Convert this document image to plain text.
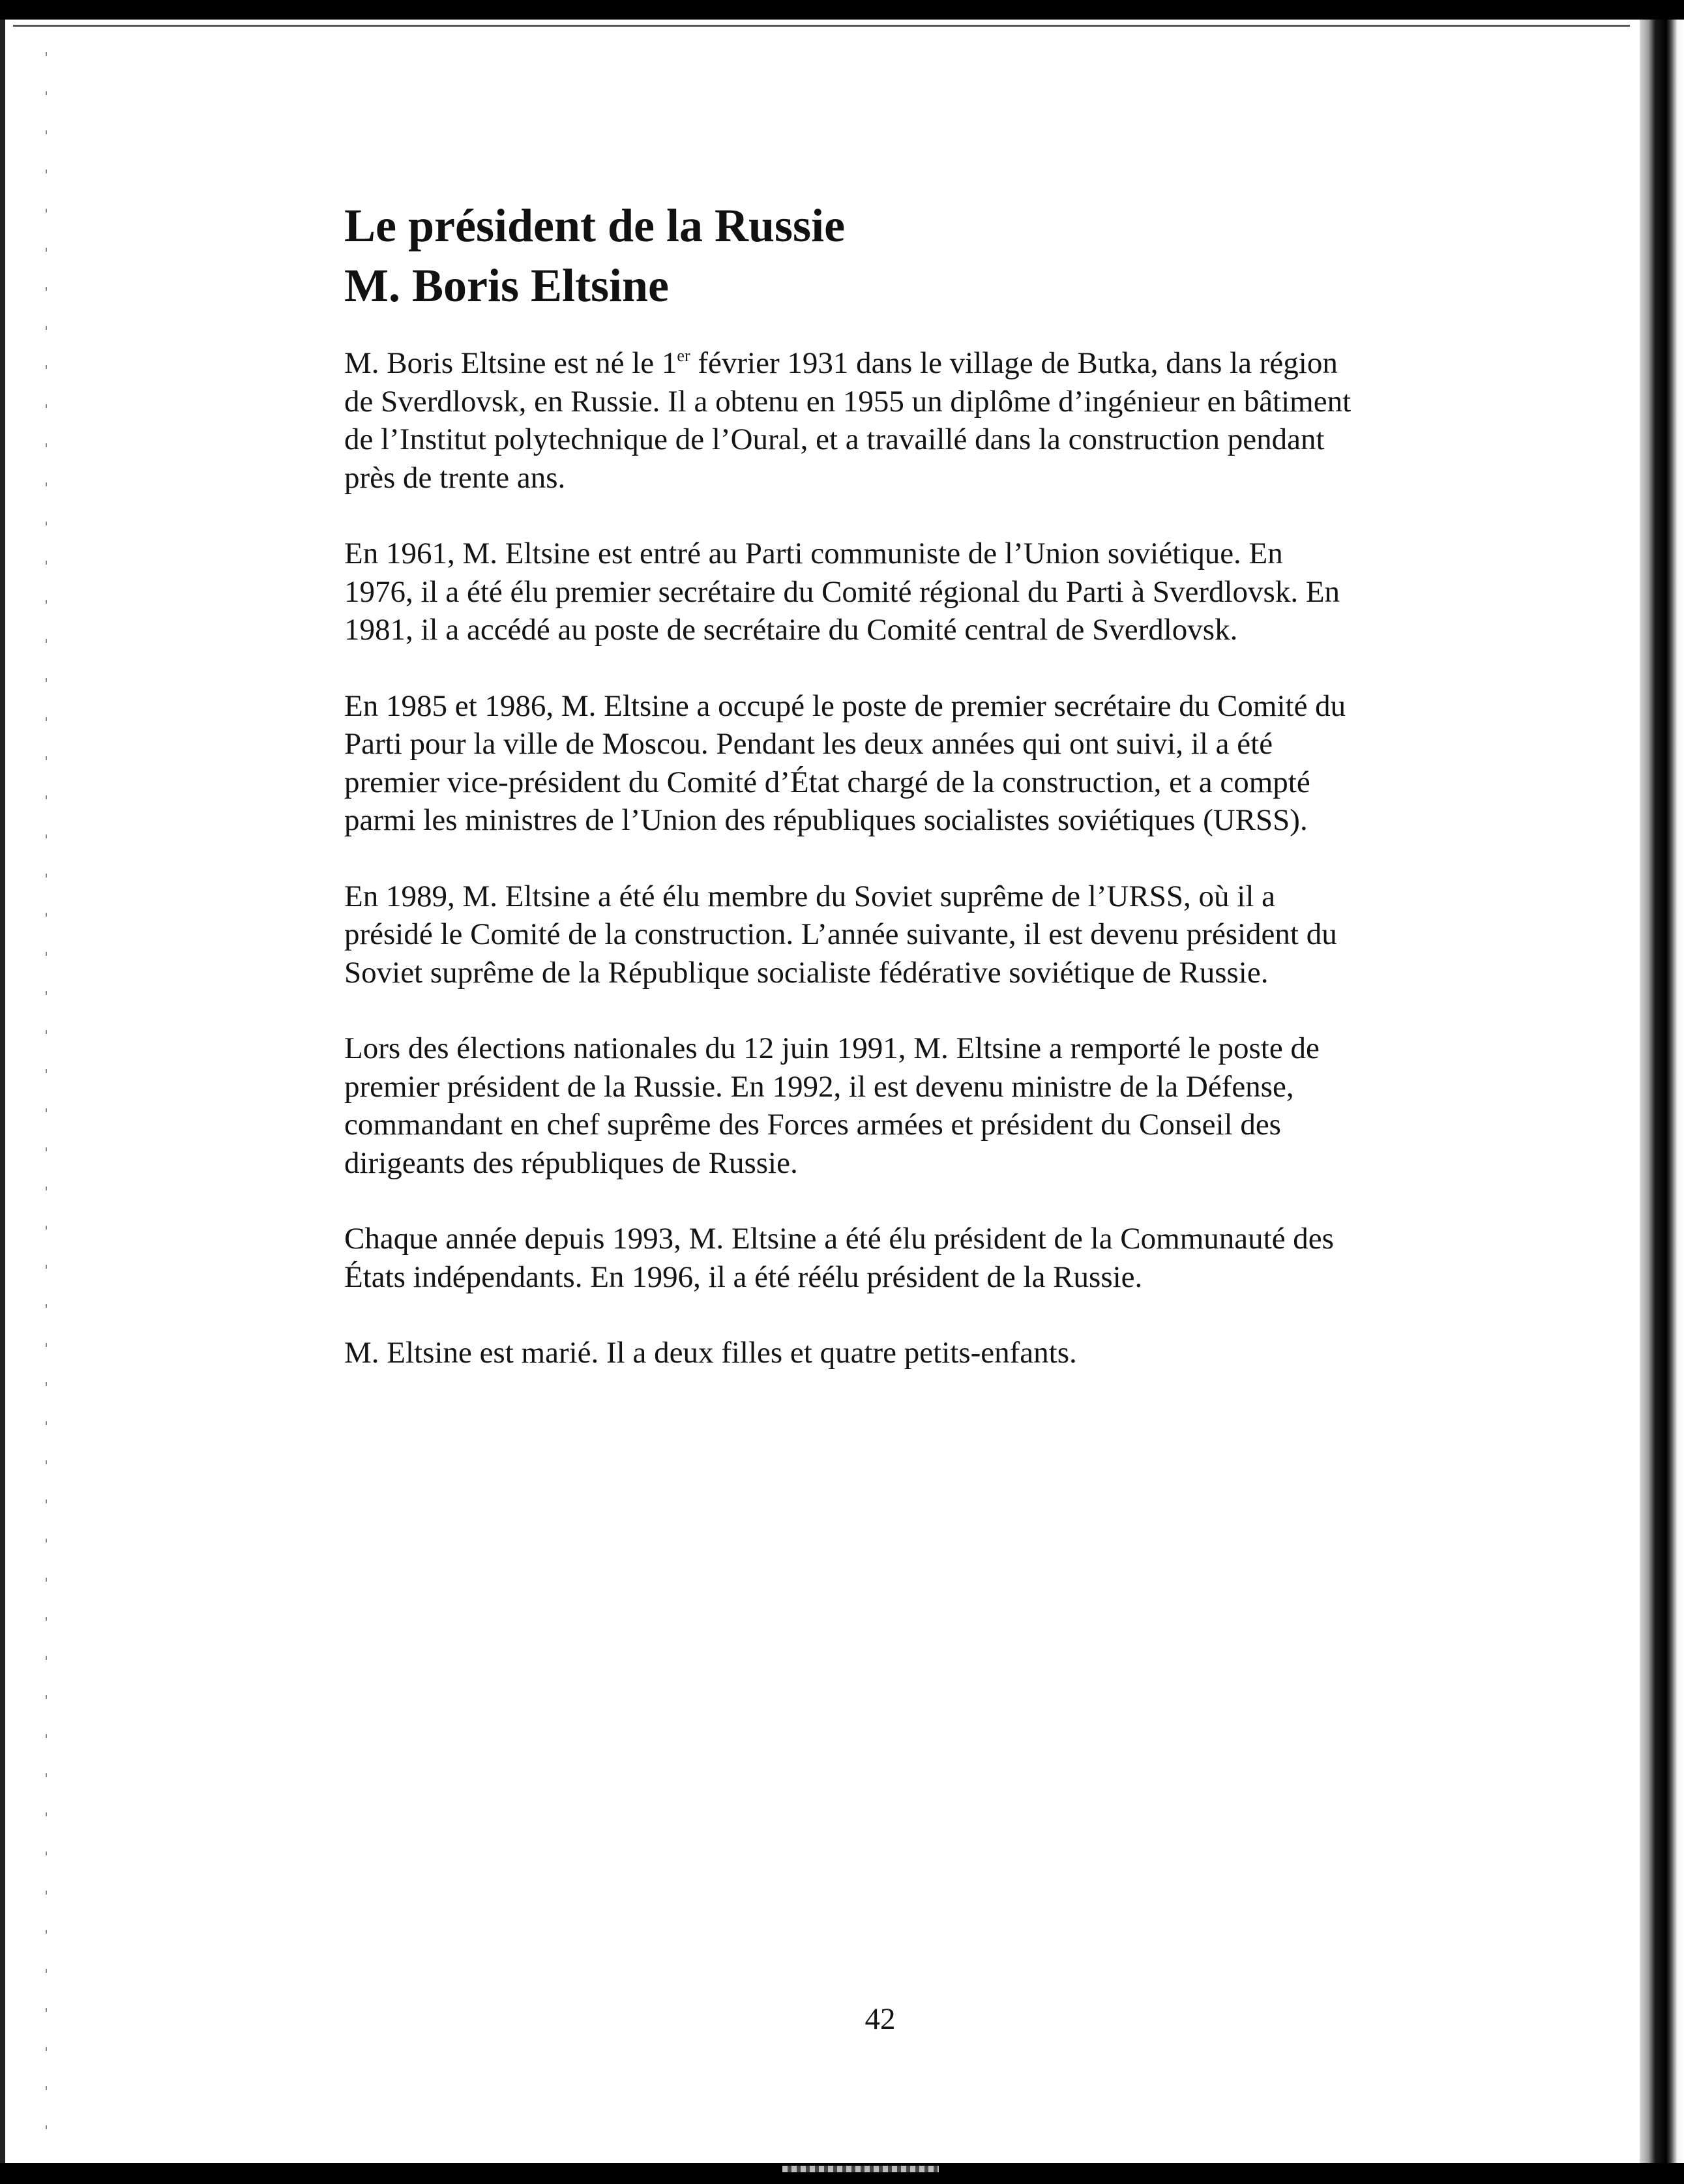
Le président de la Russie
M. Boris Eltsine

M. Boris Eltsine est né le 1er février 1931 dans le village de Butka, dans la région
de Sverdlovsk, en Russie. Il a obtenu en 1955 un diplôme d’ingénieur en bâtiment
de l’Institut polytechnique de l’Oural, et a travaillé dans la construction pendant
près de trente ans.

En 1961, M. Eltsine est entré au Parti communiste de l’Union soviétique. En
1976, il a été élu premier secrétaire du Comité régional du Parti à Sverdlovsk. En
1981, il a accédé au poste de secrétaire du Comité central de Sverdlovsk.

En 1985 et 1986, M. Eltsine a occupé le poste de premier secrétaire du Comité du
Parti pour la ville de Moscou. Pendant les deux années qui ont suivi, il a été
premier vice-président du Comité d’État chargé de la construction, et a compté
parmi les ministres de l’Union des républiques socialistes soviétiques (URSS).

En 1989, M. Eltsine a été élu membre du Soviet suprême de l’URSS, où il a
présidé le Comité de la construction. L’année suivante, il est devenu président du
Soviet suprême de la République socialiste fédérative soviétique de Russie.

Lors des élections nationales du 12 juin 1991, M. Eltsine a remporté le poste de
premier président de la Russie. En 1992, il est devenu ministre de la Défense,
commandant en chef suprême des Forces armées et président du Conseil des
dirigeants des républiques de Russie.

Chaque année depuis 1993, M. Eltsine a été élu président de la Communauté des
États indépendants. En 1996, il a été réélu président de la Russie.

M. Eltsine est marié. Il a deux filles et quatre petits-enfants.

42
